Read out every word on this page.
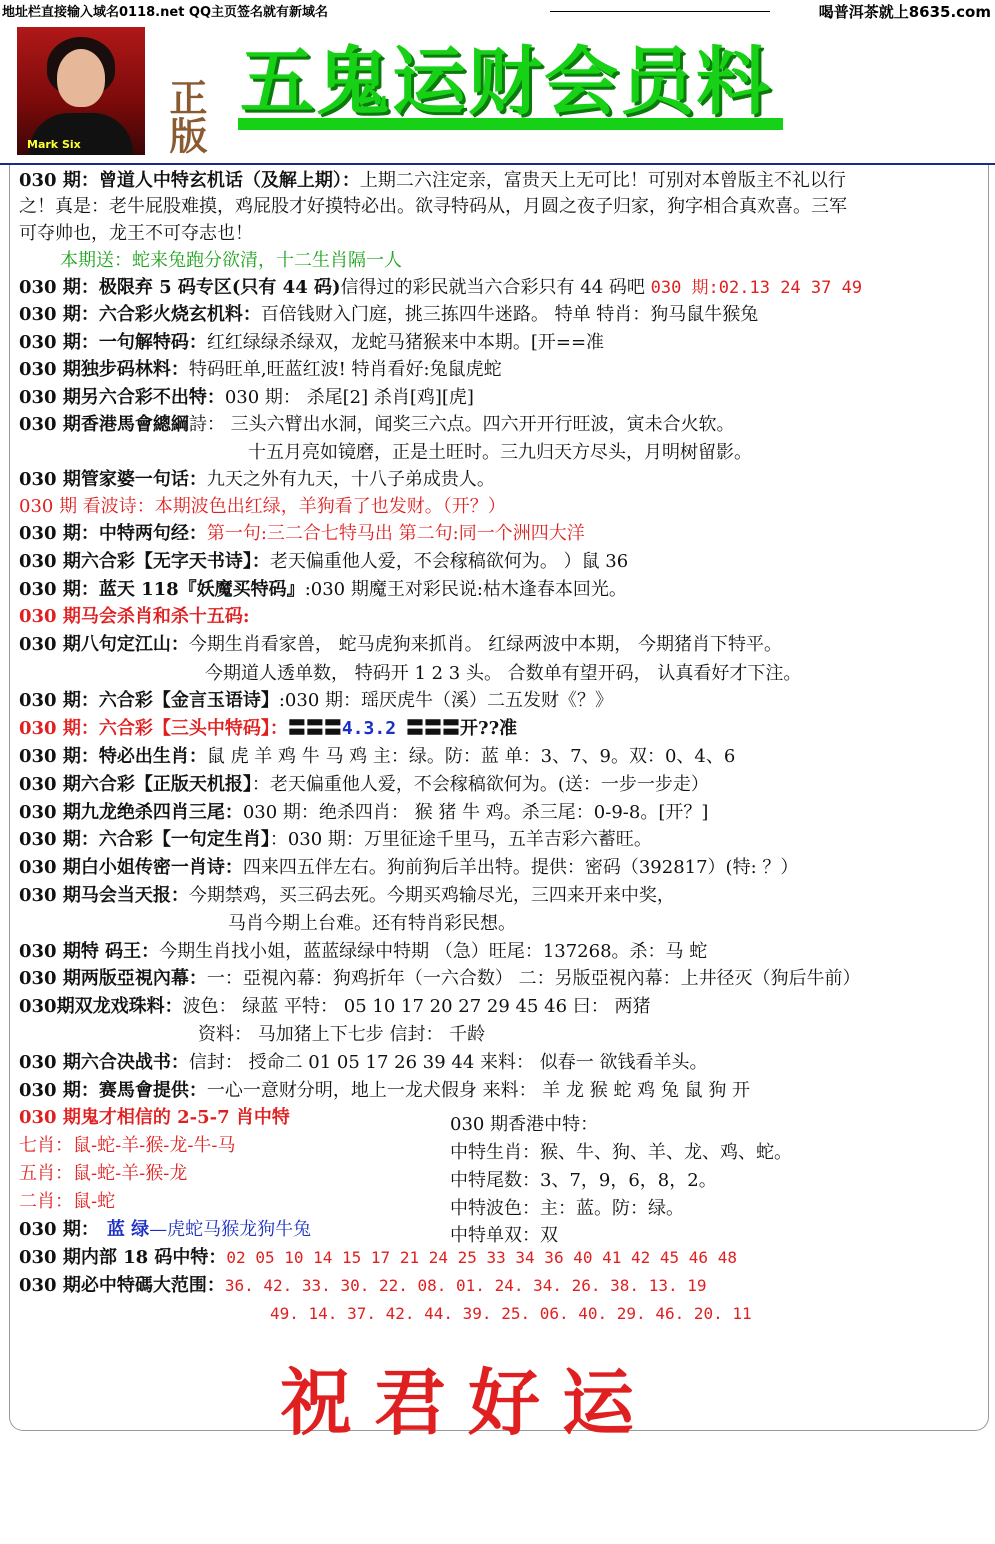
地址栏直接输入域名0118.net QQ主页签名就有新域名	喝普洱茶就上8635.com
Mark Six 正版 五鬼运财会员料
030 期：曾道人中特玄机话（及解上期）：上期二六注定亲，富贵天上无可比！可别对本曾版主不礼以行
之！真是：老牛屁股难摸，鸡屁股才好摸特必出。欲寻特码从，月圆之夜子归家，狗字相合真欢喜。三军
可夺帅也，龙王不可夺志也！
本期送：蛇来兔跑分欲清，十二生肖隔一人
030 期：极限弃 5 码专区(只有 44 码)信得过的彩民就当六合彩只有 44 码吧 030 期:02.13 24 37 49
030 期：六合彩火烧玄机料：百倍钱财入门庭，挑三拣四牛迷路。 特单 特肖：狗马鼠牛猴兔
030 期：一句解特码：红红绿绿杀绿双，龙蛇马猪猴来中本期。[开==准
030 期独步码林料：特码旺单,旺蓝红波! 特肖看好:兔鼠虎蛇
030 期另六合彩不出特：030 期： 杀尾[2] 杀肖[鸡][虎]
030 期香港馬會總綱詩： 三头六臂出水洞，闻奖三六点。四六开开行旺波，寅未合火软。
十五月亮如镜磨，正是土旺时。三九归天方尽头，月明树留影。
030 期管家婆一句话：九天之外有九天，十八子弟成贵人。
030 期 看波诗：本期波色出红绿，羊狗看了也发财。（开？）
030 期：中特两句经：第一句:三二合七特马出 第二句:同一个洲四大洋
030 期六合彩【无字天书诗】：老天偏重他人爱，不会稼稿欲何为。 ）鼠 36
030 期：蓝天 118『妖魔买特码』:030 期魔王对彩民说:枯木逢春本回光。
030 期马会杀肖和杀十五码:
030 期八句定江山：今期生肖看家兽， 蛇马虎狗来抓肖。 红绿两波中本期， 今期猪肖下特平。
今期道人透单数， 特码开 1 2 3 头。 合数单有望开码， 认真看好才下注。
030 期：六合彩【金言玉语诗】:030 期：瑶厌虎牛（溪）二五发财《？》
030 期：六合彩【三头中特码】：〓〓〓4.3.2 〓〓〓开??准
030 期：特必出生肖：鼠 虎 羊 鸡 牛 马 鸡 主：绿。防：蓝 单：3、7、9。双：0、4、6
030 期六合彩【正版天机报】：老天偏重他人爱，不会稼稿欲何为。(送：一步一步走）
030 期九龙绝杀四肖三尾：030 期：绝杀四肖： 猴 猪 牛 鸡。杀三尾：0-9-8。[开？]
030 期：六合彩【一句定生肖】：030 期：万里征途千里马，五羊吉彩六蓄旺。
030 期白小姐传密一肖诗：四来四五伴左右。狗前狗后羊出特。提供：密码（392817）(特: ？）
030 期马会当天报：今期禁鸡，买三码去死。今期买鸡输尽光，三四来开来中奖，
马肖今期上台难。还有特肖彩民想。
030 期特 码王：今期生肖找小姐，蓝蓝绿绿中特期 （急）旺尾：137268。杀：马 蛇
030 期两版亞視內幕：一：亞視內幕：狗鸡折年（一六合数） 二：另版亞視內幕：上井径灭（狗后牛前）
030期双龙戏珠料：波色： 绿蓝 平特： 05 10 17 20 27 29 45 46 曰： 两猪
资料： 马加猪上下七步 信封： 千龄
030 期六合决战书：信封： 授命二 01 05 17 26 39 44 来料： 似春一 欲钱看羊头。
030 期：赛馬會提供：一心一意财分明，地上一龙犬假身 来料： 羊 龙 猴 蛇 鸡 兔 鼠 狗 开
030 期鬼才相信的 2-5-7 肖中特
七肖：鼠-蛇-羊-猴-龙-牛-马
五肖：鼠-蛇-羊-猴-龙
二肖：鼠-蛇
030 期香港中特：
中特生肖：猴、牛、狗、羊、龙、鸡、蛇。
中特尾数：3、7，9，6，8，2。
中特波色：主：蓝。防：绿。
中特单双：双
030 期： 蓝 绿—虎蛇马猴龙狗牛兔
030 期内部 18 码中特：02 05 10 14 15 17 21 24 25 33 34 36 40 41 42 45 46 48
030 期必中特碼大范围：36. 42. 33. 30. 22. 08. 01. 24. 34. 26. 38. 13. 19
49. 14. 37. 42. 44. 39. 25. 06. 40. 29. 46. 20. 11
祝君好运
